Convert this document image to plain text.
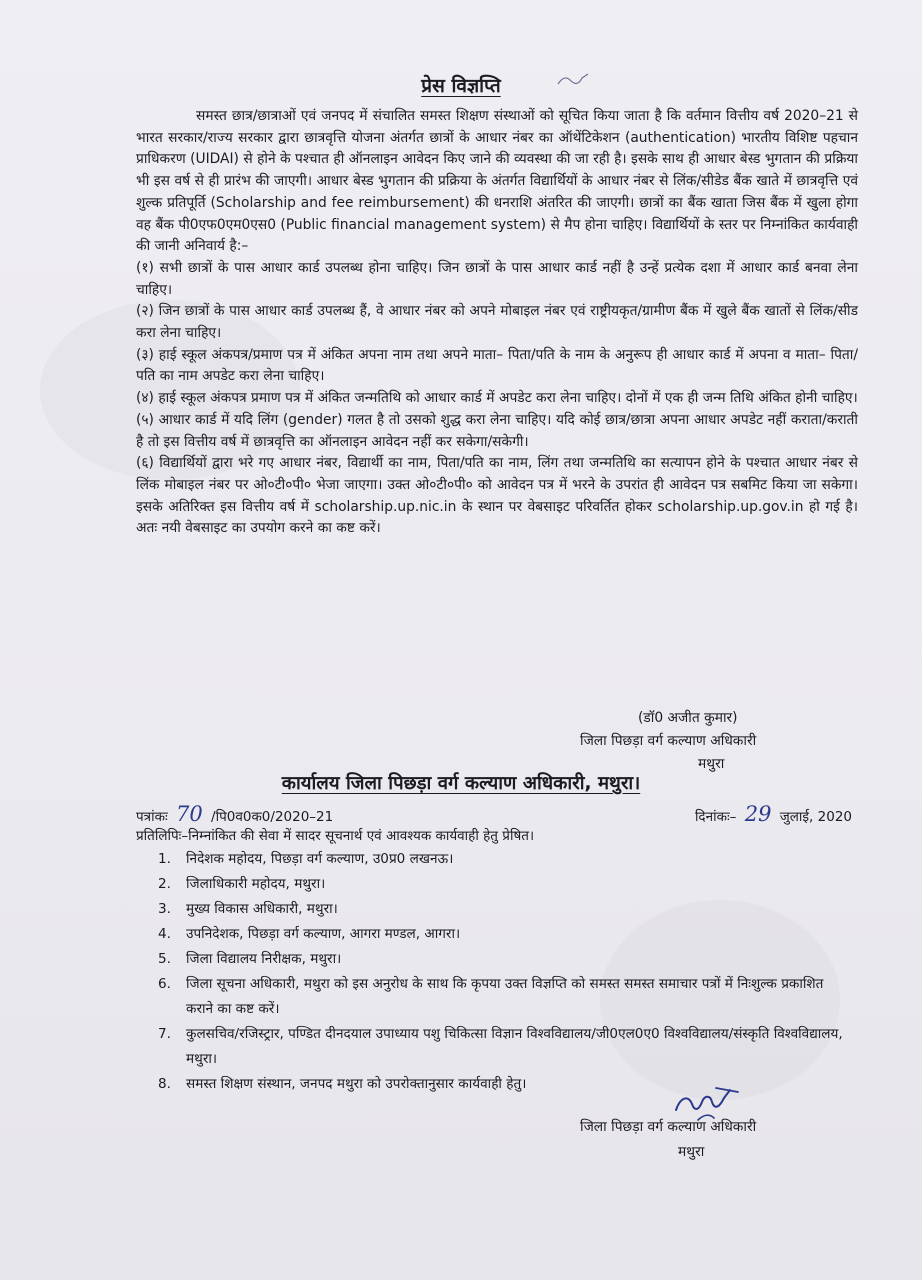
प्रेस विज्ञप्ति

समस्त छात्र/छात्राओं एवं जनपद में संचालित समस्त शिक्षण संस्थाओं को सूचित किया जाता है कि वर्तमान वित्तीय वर्ष 2020–21 से भारत सरकार/राज्य सरकार द्वारा छात्रवृत्ति योजना अंतर्गत छात्रों के आधार नंबर का ऑथेंटिकेशन (authentication) भारतीय विशिष्ट पहचान प्राधिकरण (UIDAI) से होने के पश्चात ही ऑनलाइन आवेदन किए जाने की व्यवस्था की जा रही है। इसके साथ ही आधार बेस्ड भुगतान की प्रक्रिया भी इस वर्ष से ही प्रारंभ की जाएगी। आधार बेस्ड भुगतान की प्रक्रिया के अंतर्गत विद्यार्थियों के आधार नंबर से लिंक/सीडेड बैंक खाते में छात्रवृत्ति एवं शुल्क प्रतिपूर्ति (Scholarship and fee reimbursement) की धनराशि अंतरित की जाएगी। छात्रों का बैंक खाता जिस बैंक में खुला होगा वह बैंक पी0एफ0एम0एस0 (Public financial management system) से मैप होना चाहिए। विद्यार्थियों के स्तर पर निम्नांकित कार्यवाही की जानी अनिवार्य है:–

(१) सभी छात्रों के पास आधार कार्ड उपलब्ध होना चाहिए। जिन छात्रों के पास आधार कार्ड नहीं है उन्हें प्रत्येक दशा में आधार कार्ड बनवा लेना चाहिए।

(२) जिन छात्रों के पास आधार कार्ड उपलब्ध हैं, वे आधार नंबर को अपने मोबाइल नंबर एवं राष्ट्रीयकृत/ग्रामीण बैंक में खुले बैंक खातों से लिंक/सीड करा लेना चाहिए।

(३) हाई स्कूल अंकपत्र/प्रमाण पत्र में अंकित अपना नाम तथा अपने माता– पिता/पति के नाम के अनुरूप ही आधार कार्ड में अपना व माता– पिता/पति का नाम अपडेट करा लेना चाहिए।

(४) हाई स्कूल अंकपत्र प्रमाण पत्र में अंकित जन्मतिथि को आधार कार्ड में अपडेट करा लेना चाहिए। दोनों में एक ही जन्म तिथि अंकित होनी चाहिए।

(५) आधार कार्ड में यदि लिंग (gender) गलत है तो उसको शुद्ध करा लेना चाहिए। यदि कोई छात्र/छात्रा अपना आधार अपडेट नहीं कराता/कराती है तो इस वित्तीय वर्ष में छात्रवृत्ति का ऑनलाइन आवेदन नहीं कर सकेगा/सकेगी।

(६) विद्यार्थियों द्वारा भरे गए आधार नंबर, विद्यार्थी का नाम, पिता/पति का नाम, लिंग तथा जन्मतिथि का सत्यापन होने के पश्चात आधार नंबर से लिंक मोबाइल नंबर पर ओ०टी०पी० भेजा जाएगा। उक्त ओ०टी०पी० को आवेदन पत्र में भरने के उपरांत ही आवेदन पत्र सबमिट किया जा सकेगा। इसके अतिरिक्त इस वित्तीय वर्ष में scholarship.up.nic.in के स्थान पर वेबसाइट परिवर्तित होकर scholarship.up.gov.in हो गई है। अतः नयी वेबसाइट का उपयोग करने का कष्ट करें।

(डॉ0 अजीत कुमार)
जिला पिछड़ा वर्ग कल्याण अधिकारी
मथुरा
कार्यालय जिला पिछड़ा वर्ग कल्याण अधिकारी, मथुरा।
पत्रांकः 70 /पि0व0क0/2020–21	दिनांकः– 29 जुलाई, 2020
प्रतिलिपिः–निम्नांकित की सेवा में सादर सूचनार्थ एवं आवश्यक कार्यवाही हेतु प्रेषित।
1. निदेशक महोदय, पिछड़ा वर्ग कल्याण, उ0प्र0 लखनऊ।
2. जिलाधिकारी महोदय, मथुरा।
3. मुख्य विकास अधिकारी, मथुरा।
4. उपनिदेशक, पिछड़ा वर्ग कल्याण, आगरा मण्डल, आगरा।
5. जिला विद्यालय निरीक्षक, मथुरा।
6. जिला सूचना अधिकारी, मथुरा को इस अनुरोध के साथ कि कृपया उक्त विज्ञप्ति को समस्त समस्त समाचार पत्रों में निःशुल्क प्रकाशित कराने का कष्ट करें।
7. कुलसचिव/रजिस्ट्रार, पण्डित दीनदयाल उपाध्याय पशु चिकित्सा विज्ञान विश्वविद्यालय/जी0एल0ए0 विश्वविद्यालय/संस्कृति विश्वविद्यालय, मथुरा।
8. समस्त शिक्षण संस्थान, जनपद मथुरा को उपरोक्तानुसार कार्यवाही हेतु।
जिला पिछड़ा वर्ग कल्याण अधिकारी
मथुरा
